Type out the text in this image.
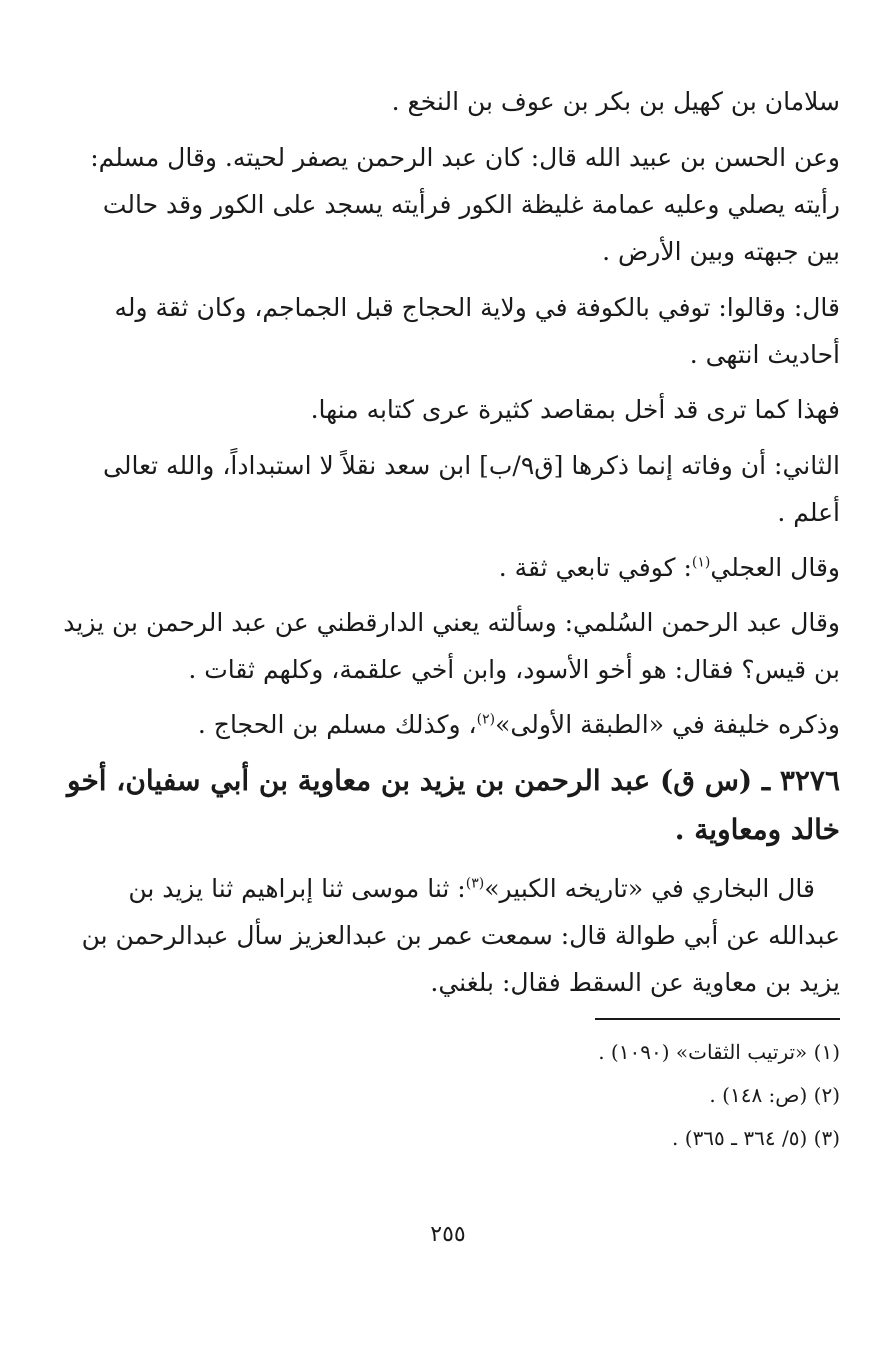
سلامان بن كهيل بن بكر بن عوف بن النخع .
وعن الحسن بن عبيد الله قال: كان عبد الرحمن يصفر لحيته. وقال مسلم:
رأيته يصلي وعليه عمامة غليظة الكور فرأيته يسجد على الكور وقد حالت
بين جبهته وبين الأرض .
قال: وقالوا: توفي بالكوفة في ولاية الحجاج قبل الجماجم، وكان ثقة وله
أحاديث انتهى .
فهذا كما ترى قد أخل بمقاصد كثيرة عرى كتابه منها.
الثاني: أن وفاته إنما ذكرها [ق٩/ب] ابن سعد نقلاً لا استبداداً، والله تعالى
أعلم .
وقال العجلي$^{(١)}$: كوفي تابعي ثقة .
وقال عبد الرحمن السُلمي: وسألته يعني الدارقطني عن عبد الرحمن بن يزيد
بن قيس؟ فقال: هو أخو الأسود، وابن أخي علقمة، وكلهم ثقات .
وذكره خليفة في «الطبقة الأولى»$^{(٢)}$، وكذلك مسلم بن الحجاج .
٣٢٧٦ ـ (س ق) عبد الرحمن بن يزيد بن معاوية بن أبي سفيان، أخو
خالد ومعاوية .
قال البخاري في «تاريخه الكبير»$^{(٣)}$: ثنا موسى ثنا إبراهيم ثنا يزيد بن
عبدالله عن أبي طوالة قال: سمعت عمر بن عبدالعزيز سأل عبدالرحمن بن
يزيد بن معاوية عن السقط فقال: بلغني.
(١) «ترتيب الثقات» (١٠٩٠) .
(٢) (ص: ١٤٨) .
(٣) (٥/ ٣٦٤ ـ ٣٦٥) .
٢٥٥
